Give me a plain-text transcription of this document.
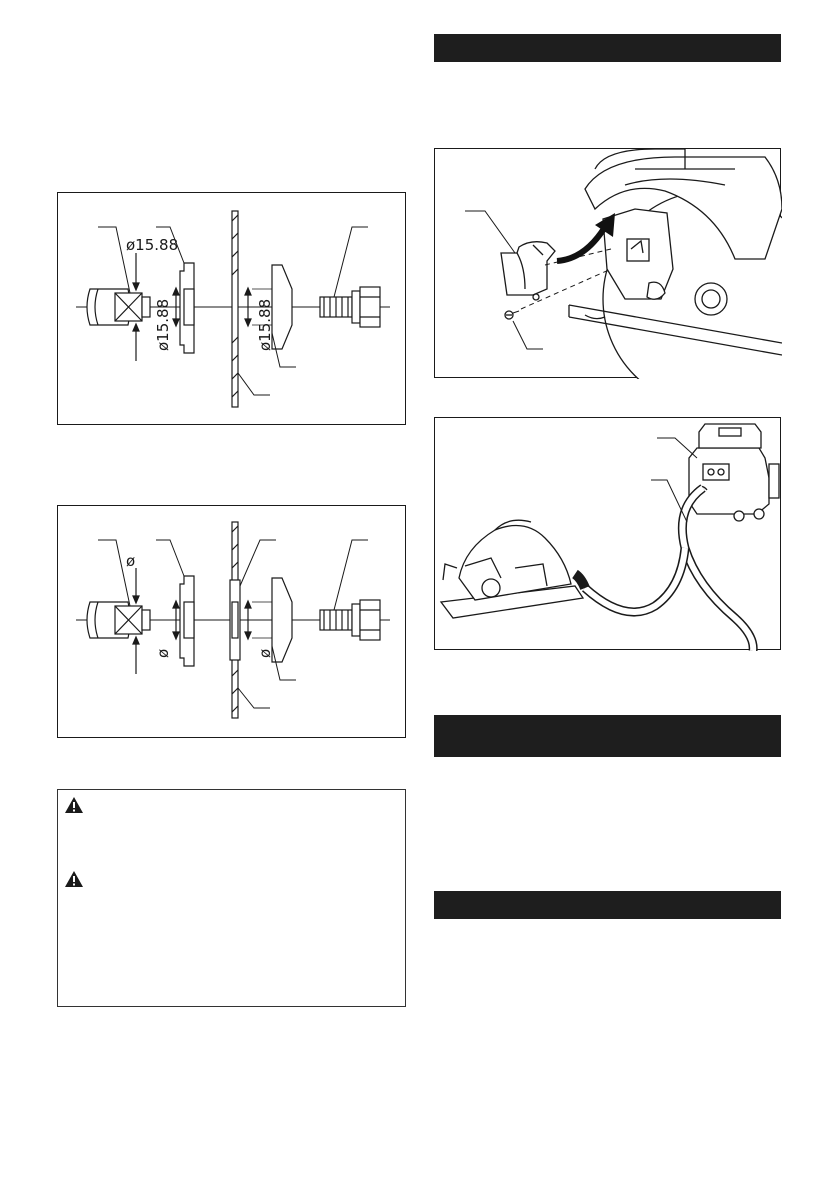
ø15.88
ø15.88	ø15.88
ø
ø	ø
